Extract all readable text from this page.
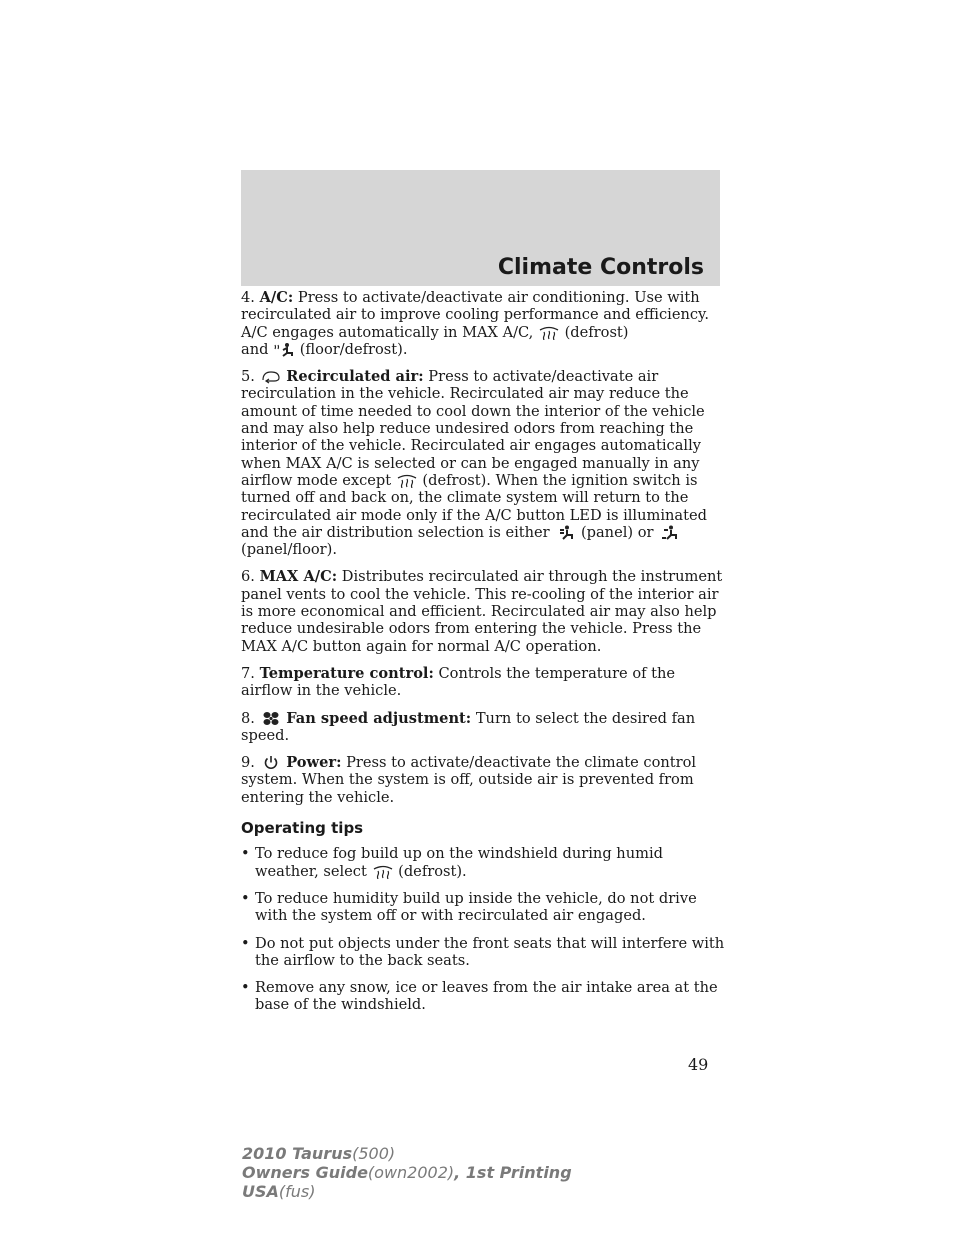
Climate Controls

4. A/C: Press to activate/deactivate air conditioning. Use with recirculated air to improve cooling performance and efficiency. A/C engages automatically in MAX A/C, (defrost)
and (floor/defrost).

5. Recirculated air: Press to activate/deactivate air recirculation in the vehicle. Recirculated air may reduce the amount of time needed to cool down the interior of the vehicle and may also help reduce undesired odors from reaching the interior of the vehicle. Recirculated air engages automatically when MAX A/C is selected or can be engaged manually in any airflow mode except (defrost). When the ignition switch is turned off and back on, the climate system will return to the recirculated air mode only if the A/C button LED is illuminated and the air distribution selection is either (panel) or  (panel/floor).

6. MAX A/C: Distributes recirculated air through the instrument panel vents to cool the vehicle. This re-cooling of the interior air is more economical and efficient. Recirculated air may also help reduce undesirable odors from entering the vehicle. Press the MAX A/C button again for normal A/C operation.

7. Temperature control: Controls the temperature of the airflow in the vehicle.

8. Fan speed adjustment: Turn to select the desired fan speed.

9. Power: Press to activate/deactivate the climate control system. When the system is off, outside air is prevented from entering the vehicle.

Operating tips
• To reduce fog build up on the windshield during humid weather, select (defrost).
• To reduce humidity build up inside the vehicle, do not drive with the system off or with recirculated air engaged.
• Do not put objects under the front seats that will interfere with the airflow to the back seats.
• Remove any snow, ice or leaves from the air intake area at the base of the windshield.
49
2010 Taurus(500)
Owners Guide(own2002), 1st Printing
USA(fus)
